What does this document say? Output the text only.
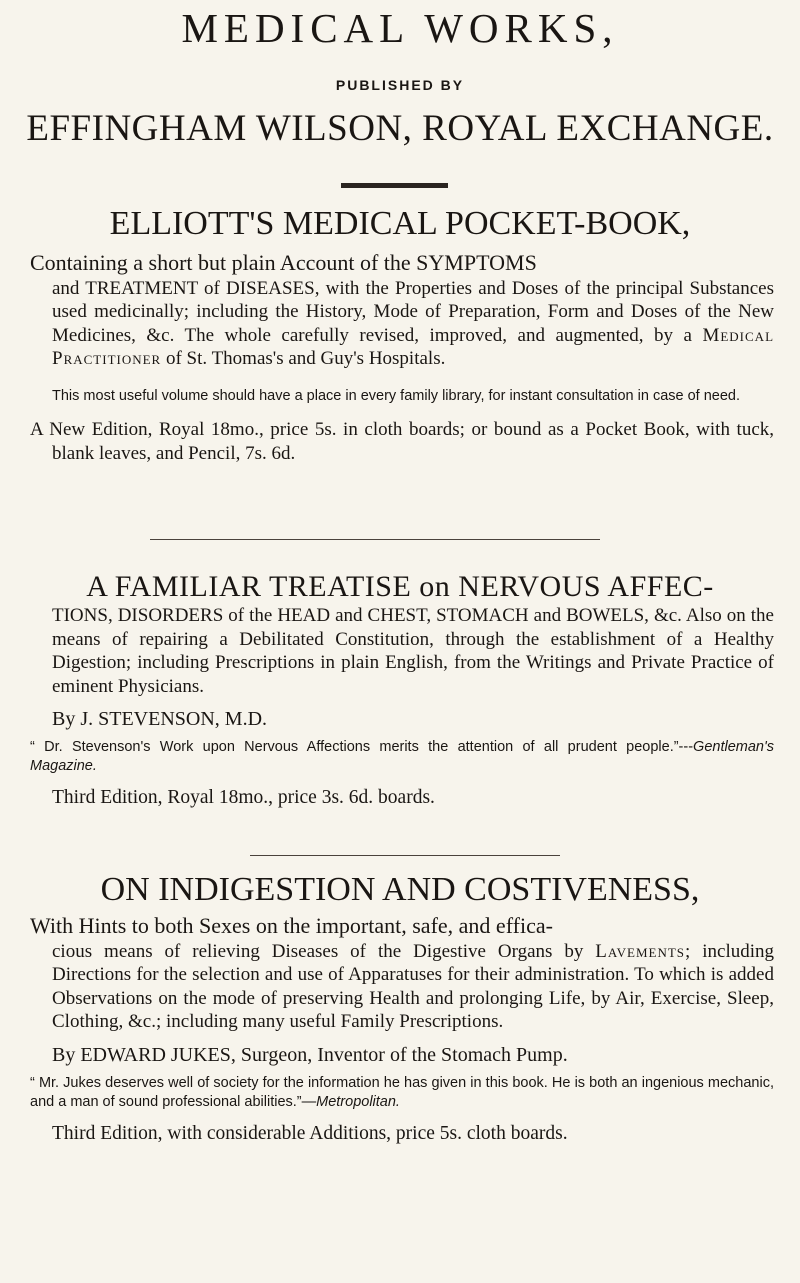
MEDICAL WORKS,
PUBLISHED BY
EFFINGHAM WILSON, ROYAL EXCHANGE.
ELLIOTT'S MEDICAL POCKET-BOOK,

Containing a short but plain Account of the SYMPTOMS
and TREATMENT of DISEASES, with the Properties and Doses of the principal Substances used medicinally; including the History, Mode of Preparation, Form and Doses of the New Medicines, &c. The whole carefully revised, improved, and augmented, by a Medical Practitioner of St. Thomas's and Guy's Hospitals.

This most useful volume should have a place in every family library, for instant consultation in case of need.

A New Edition, Royal 18mo., price 5s. in cloth boards; or bound as a Pocket Book, with tuck, blank leaves, and Pencil, 7s. 6d.

A FAMILIAR TREATISE on NERVOUS AFFEC-

TIONS, DISORDERS of the HEAD and CHEST, STOMACH and BOWELS, &c. Also on the means of repairing a Debilitated Constitution, through the establishment of a Healthy Digestion; including Prescriptions in plain English, from the Writings and Private Practice of eminent Physicians.

By J. STEVENSON, M.D.

“ Dr. Stevenson's Work upon Nervous Affections merits the attention of all prudent people.”---Gentleman's Magazine.

Third Edition, Royal 18mo., price 3s. 6d. boards.

ON INDIGESTION AND COSTIVENESS,

With Hints to both Sexes on the important, safe, and effica-
cious means of relieving Diseases of the Digestive Organs by Lavements; including Directions for the selection and use of Apparatuses for their administration. To which is added Observations on the mode of preserving Health and prolonging Life, by Air, Exercise, Sleep, Clothing, &c.; including many useful Family Prescriptions.

By EDWARD JUKES, Surgeon, Inventor of the Stomach Pump.

“ Mr. Jukes deserves well of society for the information he has given in this book. He is both an ingenious mechanic, and a man of sound professional abilities.”—Metropolitan.

Third Edition, with considerable Additions, price 5s. cloth boards.
